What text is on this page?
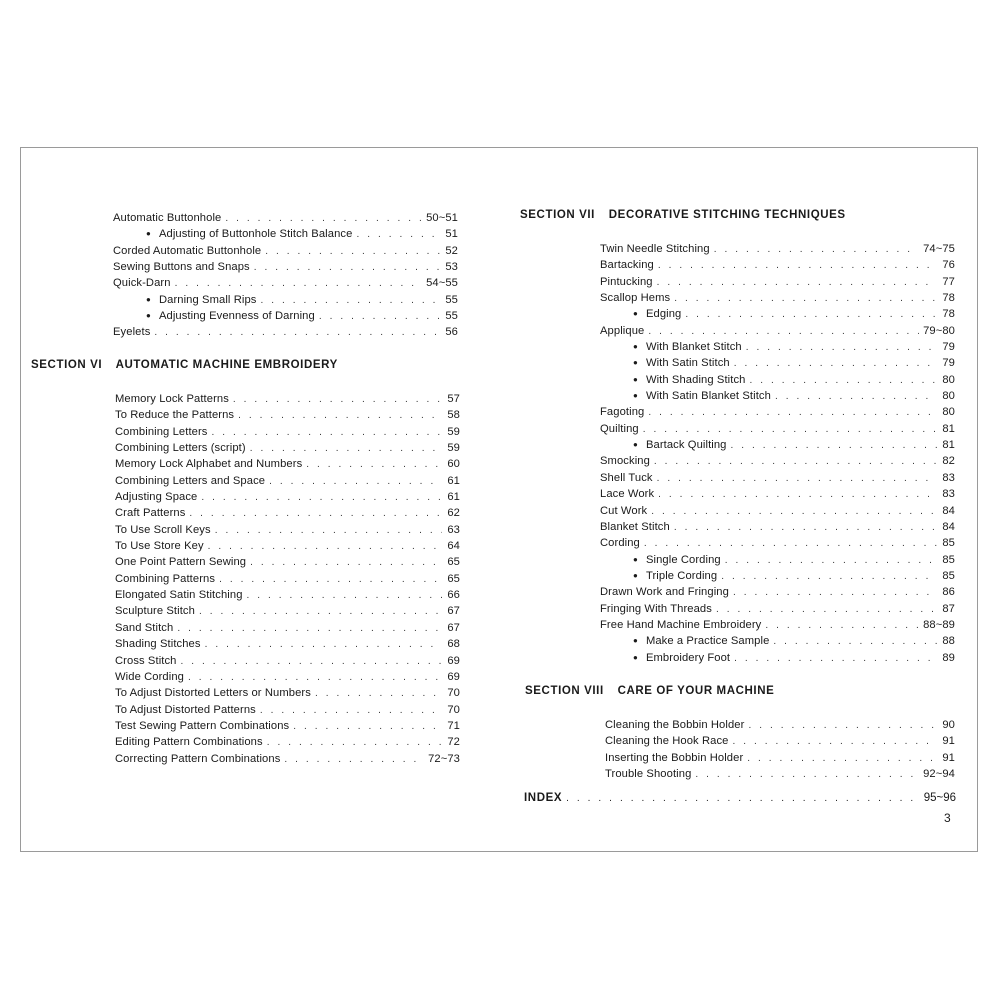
Automatic Buttonhole . . .	50~51
● Adjusting of Buttonhole Stitch Balance . . .	51
Corded Automatic Buttonhole . . .	52
Sewing Buttons and Snaps . . .	53
Quick-Darn . . .	54~55
● Darning Small Rips . . .	55
● Adjusting Evenness of Darning . . .	55
Eyelets . . .	56
SECTION VI AUTOMATIC MACHINE EMBROIDERY
Memory Lock Patterns . . .	57
To Reduce the Patterns . . .	58
Combining Letters . . .	59
Combining Letters (script) . . .	59
Memory Lock Alphabet and Numbers . . .	60
Combining Letters and Space . . .	61
Adjusting Space . . .	61
Craft Patterns . . .	62
To Use Scroll Keys . . .	63
To Use Store Key . . .	64
One Point Pattern Sewing . . .	65
Combining Patterns . . .	65
Elongated Satin Stitching . . .	66
Sculpture Stitch . . .	67
Sand Stitch . . .	67
Shading Stitches . . .	68
Cross Stitch . . .	69
Wide Cording . . .	69
To Adjust Distorted Letters or Numbers . . .	70
To Adjust Distorted Patterns . . .	70
Test Sewing Pattern Combinations . . .	71
Editing Pattern Combinations . . .	72
Correcting Pattern Combinations . . .	72~73
SECTION VII DECORATIVE STITCHING TECHNIQUES
Twin Needle Stitching . . .	74~75
Bartacking . . .	76
Pintucking . . .	77
Scallop Hems . . .	78
● Edging . . .	78
Applique . . .	79~80
● With Blanket Stitch . . .	79
● With Satin Stitch . . .	79
● With Shading Stitch . . .	80
● With Satin Blanket Stitch . . .	80
Fagoting . . .	80
Quilting . . .	81
● Bartack Quilting . . .	81
Smocking . . .	82
Shell Tuck . . .	83
Lace Work . . .	83
Cut Work . . .	84
Blanket Stitch . . .	84
Cording . . .	85
● Single Cording . . .	85
● Triple Cording . . .	85
Drawn Work and Fringing . . .	86
Fringing With Threads . . .	87
Free Hand Machine Embroidery . . .	88~89
● Make a Practice Sample . . .	88
● Embroidery Foot . . .	89
SECTION VIII CARE OF YOUR MACHINE
Cleaning the Bobbin Holder . . .	90
Cleaning the Hook Race . . .	91
Inserting the Bobbin Holder . . .	91
Trouble Shooting . . .	92~94
INDEX . . .	95~96
3
